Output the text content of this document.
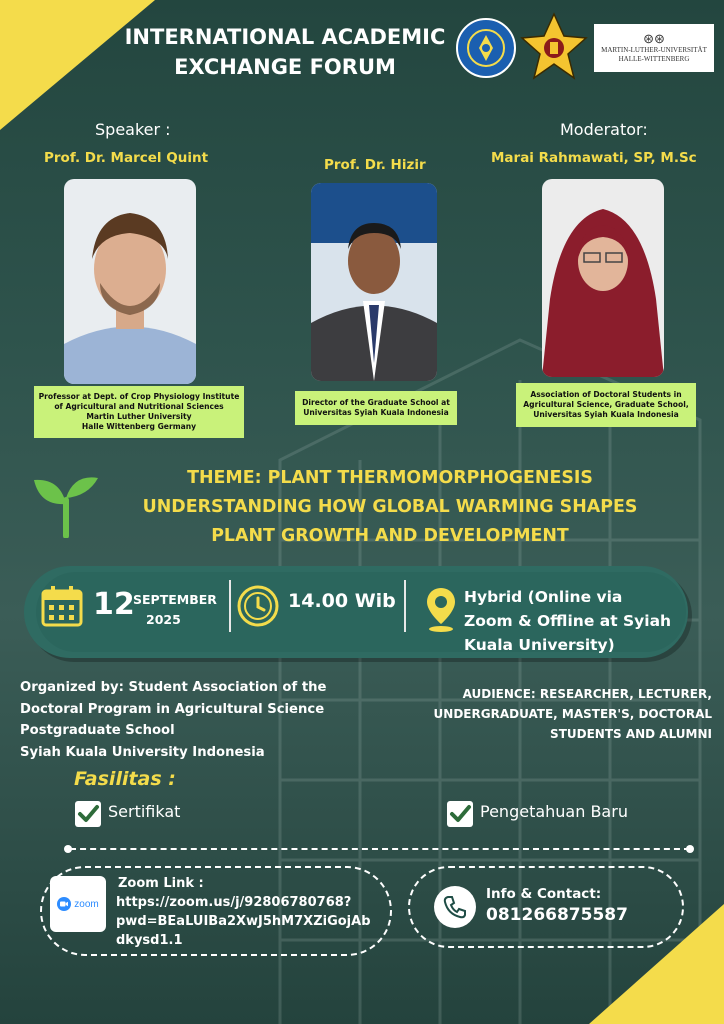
INTERNATIONAL ACADEMIC
EXCHANGE FORUM
⊛⊛
MARTIN-LUTHER-UNIVERSITÄT
HALLE-WITTENBERG
Speaker :	Moderator:
Prof. Dr. Marcel Quint	Prof. Dr. Hizir	Marai Rahmawati, SP, M.Sc
Professor at Dept. of Crop Physiology Institute
of Agricultural and Nutritional Sciences
Martin Luther University
Halle Wittenberg Germany
Director of the Graduate School at
Universitas Syiah Kuala Indonesia
Association of Doctoral Students in
Agricultural Science, Graduate School,
Universitas Syiah Kuala Indonesia
THEME: PLANT THERMOMORPHOGENESIS
UNDERSTANDING HOW GLOBAL WARMING SHAPES
PLANT GROWTH AND DEVELOPMENT
12
SEPTEMBER
2025
14.00 Wib	Hybrid (Online via
Zoom & Offline at Syiah
Kuala University)
Organized by: Student Association of the
Doctoral Program in Agricultural Science
Postgraduate School
Syiah Kuala University Indonesia
AUDIENCE: RESEARCHER, LECTURER,
UNDERGRADUATE, MASTER'S, DOCTORAL
STUDENTS AND ALUMNI
Fasilitas :
Sertifikat	Pengetahuan Baru
zoom
Zoom Link :
https://zoom.us/j/92806780768?
pwd=BEaLUIBa2XwJ5hM7XZiGojAb
dkysd1.1
Info & Contact:
081266875587
